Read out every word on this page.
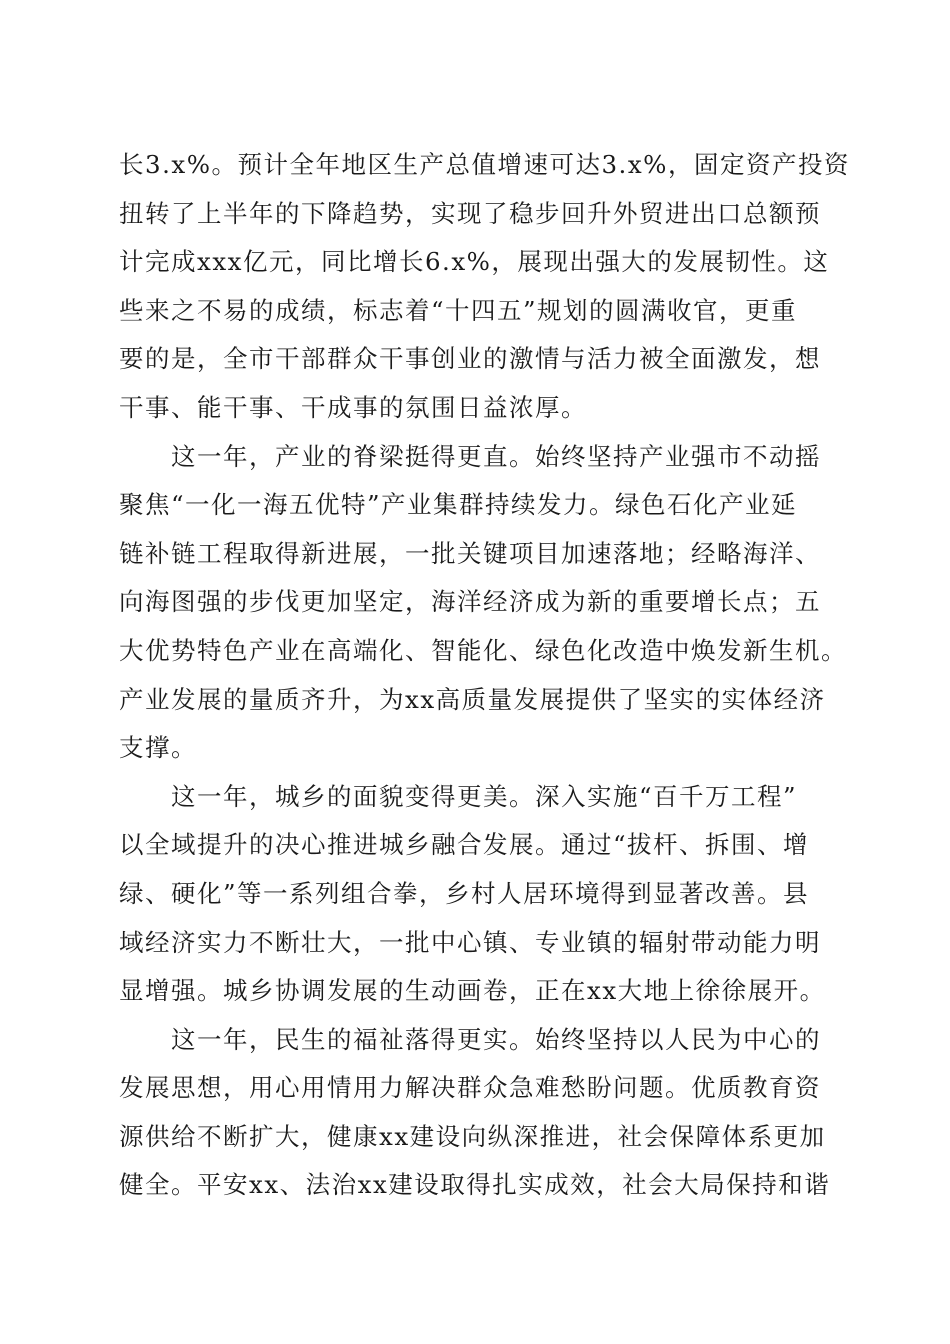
长3.x%。预计全年地区生产总值增速可达3.x%，固定资产投资
扭转了上半年的下降趋势，实现了稳步回升外贸进出口总额预
计完成xxx亿元，同比增长6.x%，展现出强大的发展韧性。这
些来之不易的成绩，标志着“十四五”规划的圆满收官，更重
要的是，全市干部群众干事创业的激情与活力被全面激发，想
干事、能干事、干成事的氛围日益浓厚。
这一年，产业的脊梁挺得更直。始终坚持产业强市不动摇
聚焦“一化一海五优特”产业集群持续发力。绿色石化产业延
链补链工程取得新进展，一批关键项目加速落地；经略海洋、
向海图强的步伐更加坚定，海洋经济成为新的重要增长点；五
大优势特色产业在高端化、智能化、绿色化改造中焕发新生机。
产业发展的量质齐升，为xx高质量发展提供了坚实的实体经济
支撑。
这一年，城乡的面貌变得更美。深入实施“百千万工程”
以全域提升的决心推进城乡融合发展。通过“拔杆、拆围、增
绿、硬化”等一系列组合拳，乡村人居环境得到显著改善。县
域经济实力不断壮大，一批中心镇、专业镇的辐射带动能力明
显增强。城乡协调发展的生动画卷，正在xx大地上徐徐展开。
这一年，民生的福祉落得更实。始终坚持以人民为中心的
发展思想，用心用情用力解决群众急难愁盼问题。优质教育资
源供给不断扩大，健康xx建设向纵深推进，社会保障体系更加
健全。平安xx、法治xx建设取得扎实成效，社会大局保持和谐
